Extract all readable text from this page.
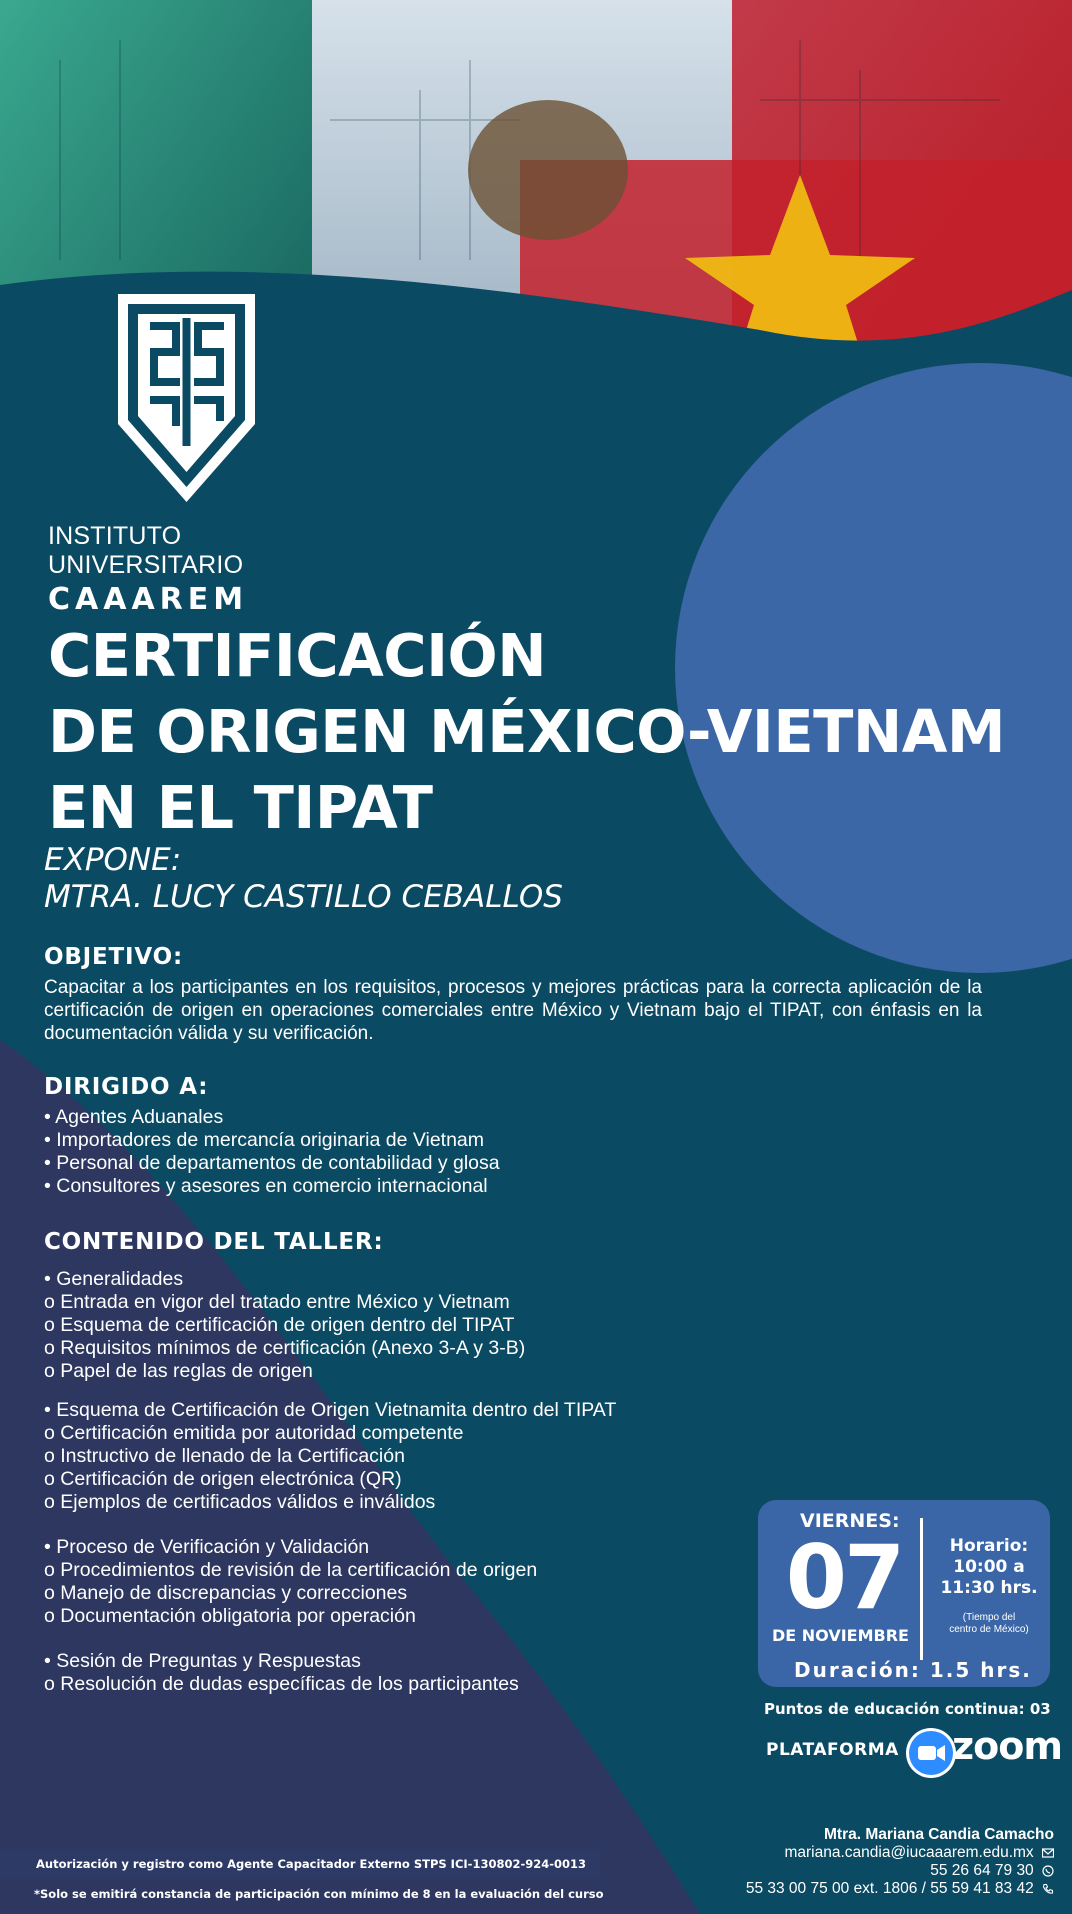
INSTITUTO UNIVERSITARIO
CAAAREM
CERTIFICACIÓN
DE ORIGEN MÉXICO-VIETNAM
EN EL TIPAT
EXPONE:
MTRA. LUCY CASTILLO CEBALLOS
OBJETIVO:
Capacitar a los participantes en los requisitos, procesos y mejores prácticas para la correcta aplicación de la certificación de origen en operaciones comerciales entre México y Vietnam bajo el TIPAT, con énfasis en la documentación válida y su verificación.
DIRIGIDO A:
• Agentes Aduanales
• Importadores de mercancía originaria de Vietnam
• Personal de departamentos de contabilidad y glosa
• Consultores y asesores en comercio internacional
CONTENIDO DEL TALLER:
• Generalidades
o Entrada en vigor del tratado entre México y Vietnam
o Esquema de certificación de origen dentro del TIPAT
o Requisitos mínimos de certificación (Anexo 3-A y 3-B)
o Papel de las reglas de origen
• Esquema de Certificación de Origen Vietnamita dentro del TIPAT
o Certificación emitida por autoridad competente
o Instructivo de llenado de la Certificación
o Certificación de origen electrónica (QR)
o Ejemplos de certificados válidos e inválidos
• Proceso de Verificación y Validación
o Procedimientos de revisión de la certificación de origen
o Manejo de discrepancias y correcciones
o Documentación obligatoria por operación
• Sesión de Preguntas y Respuestas
o Resolución de dudas específicas de los participantes
VIERNES:
07
DE NOVIEMBRE
Horario:
10:00 a
11:30 hrs.
(Tiempo del
centro de México)
Duración: 1.5 hrs.
Puntos de educación continua: 03
PLATAFORMA zoom
Mtra. Mariana Candia Camacho
mariana.candia@iucaaarem.edu.mx
55 26 64 79 30
55 33 00 75 00 ext. 1806 / 55 59 41 83 42
Autorización y registro como Agente Capacitador Externo STPS ICI-130802-924-0013
*Solo se emitirá constancia de participación con mínimo de 8 en la evaluación del curso
